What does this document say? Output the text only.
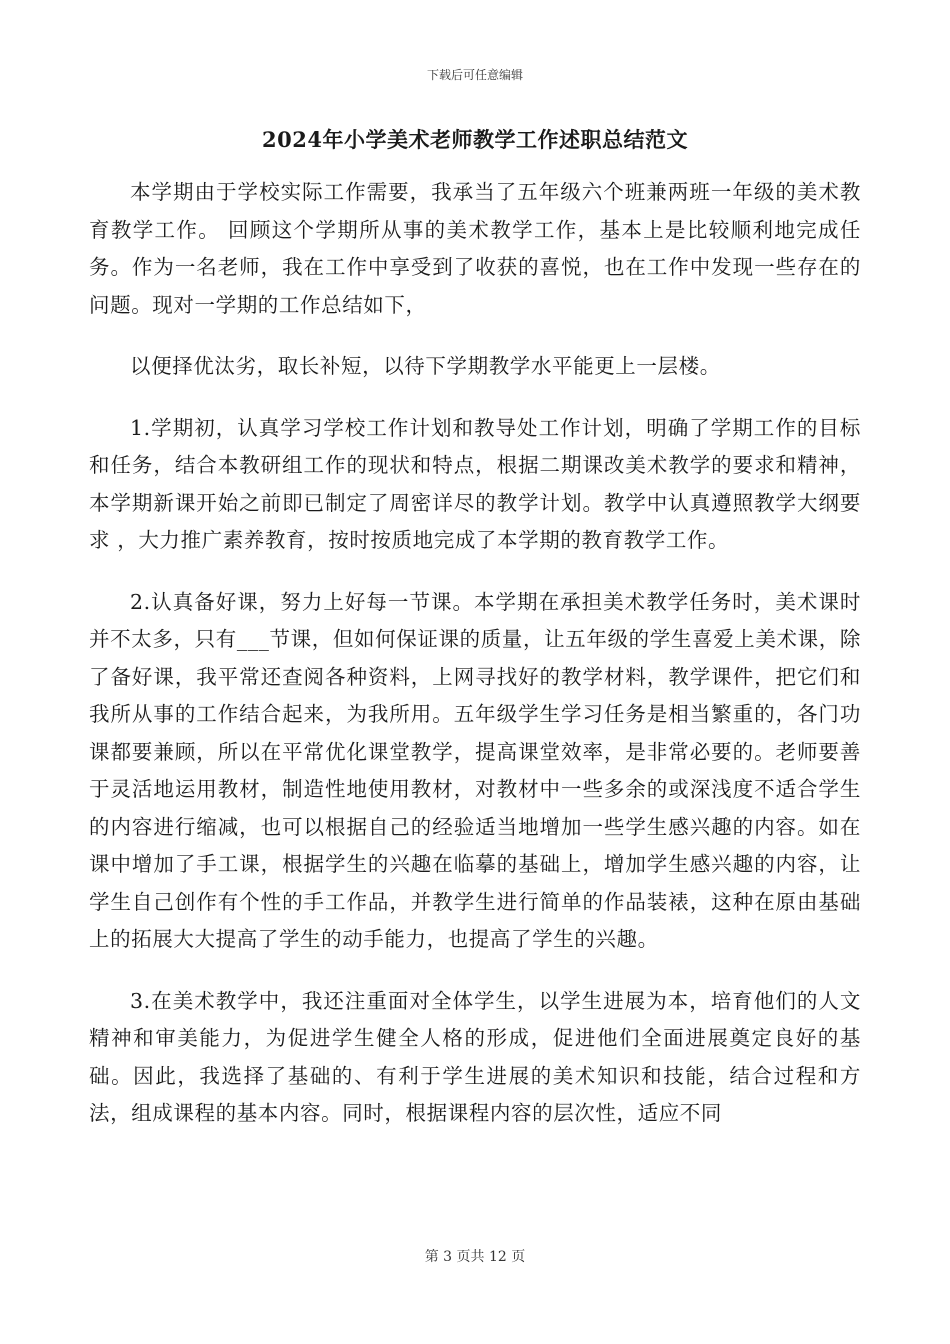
下载后可任意编辑
2024年小学美术老师教学工作述职总结范文

本学期由于学校实际工作需要，我承当了五年级六个班兼两班一年级的美术教育教学工作。 回顾这个学期所从事的美术教学工作，基本上是比较顺利地完成任务。作为一名老师，我在工作中享受到了收获的喜悦，也在工作中发现一些存在的问题。现对一学期的工作总结如下，

以便择优汰劣，取长补短，以待下学期教学水平能更上一层楼。

1.学期初，认真学习学校工作计划和教导处工作计划，明确了学期工作的目标和任务，结合本教研组工作的现状和特点，根据二期课改美术教学的要求和精神，本学期新课开始之前即已制定了周密详尽的教学计划。教学中认真遵照教学大纲要求 ，大力推广素养教育，按时按质地完成了本学期的教育教学工作。

2.认真备好课，努力上好每一节课。本学期在承担美术教学任务时，美术课时并不太多，只有___节课，但如何保证课的质量，让五年级的学生喜爱上美术课，除了备好课，我平常还查阅各种资料，上网寻找好的教学材料，教学课件，把它们和我所从事的工作结合起来，为我所用。五年级学生学习任务是相当繁重的，各门功课都要兼顾，所以在平常优化课堂教学，提高课堂效率，是非常必要的。老师要善于灵活地运用教材，制造性地使用教材，对教材中一些多余的或深浅度不适合学生的内容进行缩减，也可以根据自己的经验适当地增加一些学生感兴趣的内容。如在课中增加了手工课，根据学生的兴趣在临摹的基础上，增加学生感兴趣的内容，让学生自己创作有个性的手工作品，并教学生进行简单的作品装裱，这种在原由基础上的拓展大大提高了学生的动手能力，也提高了学生的兴趣。

3.在美术教学中，我还注重面对全体学生，以学生进展为本，培育他们的人文精神和审美能力，为促进学生健全人格的形成，促进他们全面进展奠定良好的基础。因此，我选择了基础的、有利于学生进展的美术知识和技能，结合过程和方法，组成课程的基本内容。同时，根据课程内容的层次性，适应不同

第 3 页共 12 页
